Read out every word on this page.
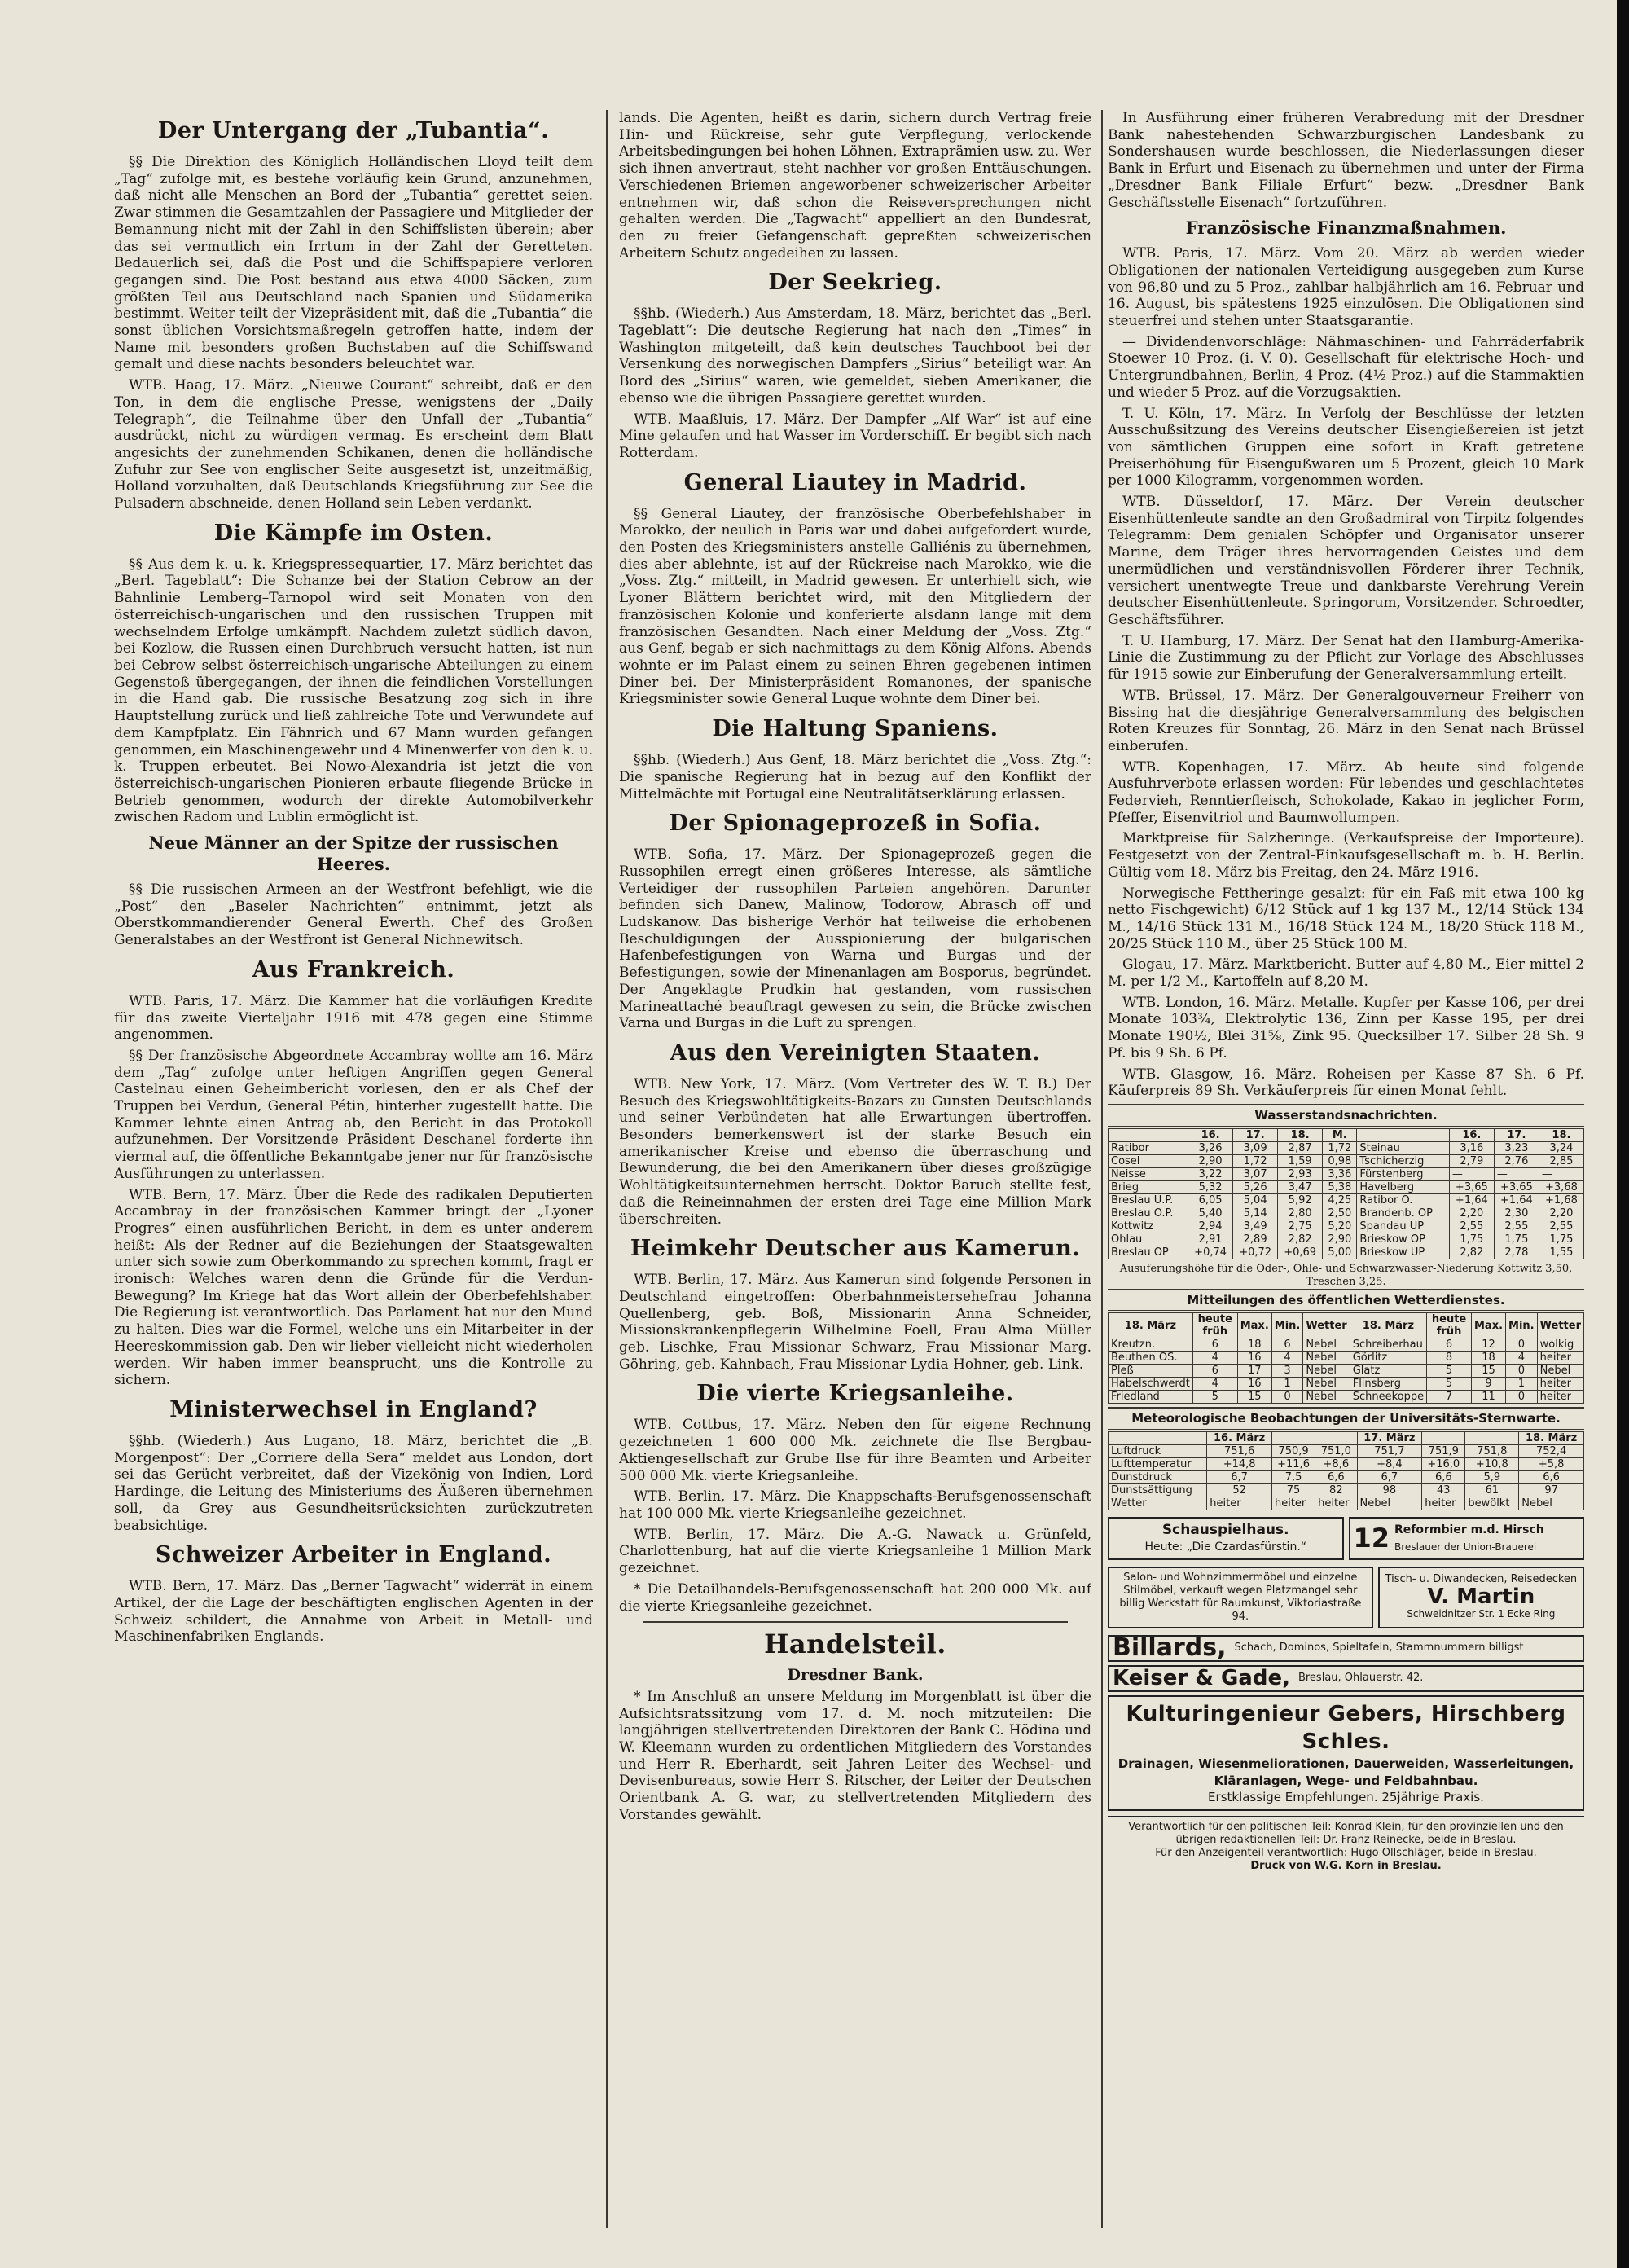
Der Untergang der „Tubantia“.

§§ Die Direktion des Königlich Holländischen Lloyd teilt dem „Tag“ zufolge mit, es bestehe vorläufig kein Grund, anzunehmen, daß nicht alle Menschen an Bord der „Tubantia“ gerettet seien. Zwar stimmen die Gesamtzahlen der Passagiere und Mitglieder der Bemannung nicht mit der Zahl in den Schiffslisten überein; aber das sei vermutlich ein Irrtum in der Zahl der Geretteten. Bedauerlich sei, daß die Post und die Schiffspapiere verloren gegangen sind. Die Post bestand aus etwa 4000 Säcken, zum größten Teil aus Deutschland nach Spanien und Südamerika bestimmt. Weiter teilt der Vizepräsident mit, daß die „Tubantia“ die sonst üblichen Vorsichtsmaßregeln getroffen hatte, indem der Name mit besonders großen Buchstaben auf die Schiffswand gemalt und diese nachts besonders beleuchtet war.

WTB. Haag, 17. März. „Nieuwe Courant“ schreibt, daß er den Ton, in dem die englische Presse, wenigstens der „Daily Telegraph“, die Teilnahme über den Unfall der „Tubantia“ ausdrückt, nicht zu würdigen vermag. Es erscheint dem Blatt angesichts der zunehmenden Schikanen, denen die holländische Zufuhr zur See von englischer Seite ausgesetzt ist, unzeitmäßig, Holland vorzuhalten, daß Deutschlands Kriegsführung zur See die Pulsadern abschneide, denen Holland sein Leben verdankt.

Die Kämpfe im Osten.

§§ Aus dem k. u. k. Kriegspressequartier, 17. März berichtet das „Berl. Tageblatt“: Die Schanze bei der Station Cebrow an der Bahnlinie Lemberg–Tarnopol wird seit Monaten von den österreichisch-ungarischen und den russischen Truppen mit wechselndem Erfolge umkämpft. Nachdem zuletzt südlich davon, bei Kozlow, die Russen einen Durchbruch versucht hatten, ist nun bei Cebrow selbst österreichisch-ungarische Abteilungen zu einem Gegenstoß übergegangen, der ihnen die feindlichen Vorstellungen in die Hand gab. Die russische Besatzung zog sich in ihre Hauptstellung zurück und ließ zahlreiche Tote und Verwundete auf dem Kampfplatz. Ein Fähnrich und 67 Mann wurden gefangen genommen, ein Maschinengewehr und 4 Minenwerfer von den k. u. k. Truppen erbeutet. Bei Nowo-Alexandria ist jetzt die von österreichisch-ungarischen Pionieren erbaute fliegende Brücke in Betrieb genommen, wodurch der direkte Automobilverkehr zwischen Radom und Lublin ermöglicht ist.

Neue Männer an der Spitze der russischen Heeres.

§§ Die russischen Armeen an der Westfront befehligt, wie die „Post“ den „Baseler Nachrichten“ entnimmt, jetzt als Oberstkommandierender General Ewerth. Chef des Großen Generalstabes an der Westfront ist General Nichnewitsch.

Aus Frankreich.

WTB. Paris, 17. März. Die Kammer hat die vorläufigen Kredite für das zweite Vierteljahr 1916 mit 478 gegen eine Stimme angenommen.

§§ Der französische Abgeordnete Accambray wollte am 16. März dem „Tag“ zufolge unter heftigen Angriffen gegen General Castelnau einen Geheimbericht vorlesen, den er als Chef der Truppen bei Verdun, General Pétin, hinterher zugestellt hatte. Die Kammer lehnte einen Antrag ab, den Bericht in das Protokoll aufzunehmen. Der Vorsitzende Präsident Deschanel forderte ihn viermal auf, die öffentliche Bekanntgabe jener nur für französische Ausführungen zu unterlassen.

WTB. Bern, 17. März. Über die Rede des radikalen Deputierten Accambray in der französischen Kammer bringt der „Lyoner Progres“ einen ausführlichen Bericht, in dem es unter anderem heißt: Als der Redner auf die Beziehungen der Staatsgewalten unter sich sowie zum Oberkommando zu sprechen kommt, fragt er ironisch: Welches waren denn die Gründe für die Verdun-Bewegung? Im Kriege hat das Wort allein der Oberbefehlshaber. Die Regierung ist verantwortlich. Das Parlament hat nur den Mund zu halten. Dies war die Formel, welche uns ein Mitarbeiter in der Heereskommission gab. Den wir lieber vielleicht nicht wiederholen werden. Wir haben immer beansprucht, uns die Kontrolle zu sichern.

Ministerwechsel in England?

§§hb. (Wiederh.) Aus Lugano, 18. März, berichtet die „B. Morgenpost“: Der „Corriere della Sera“ meldet aus London, dort sei das Gerücht verbreitet, daß der Vizekönig von Indien, Lord Hardinge, die Leitung des Ministeriums des Äußeren übernehmen soll, da Grey aus Gesundheitsrücksichten zurückzutreten beabsichtige.

Schweizer Arbeiter in England.

WTB. Bern, 17. März. Das „Berner Tagwacht“ widerrät in einem Artikel, der die Lage der beschäftigten englischen Agenten in der Schweiz schildert, die Annahme von Arbeit in Metall- und Maschinenfabriken Englands.

lands. Die Agenten, heißt es darin, sichern durch Vertrag freie Hin- und Rückreise, sehr gute Verpflegung, verlockende Arbeitsbedingungen bei hohen Löhnen, Extraprämien usw. zu. Wer sich ihnen anvertraut, steht nachher vor großen Enttäuschungen. Verschiedenen Briemen angeworbener schweizerischer Arbeiter entnehmen wir, daß schon die Reiseversprechungen nicht gehalten werden. Die „Tagwacht“ appelliert an den Bundesrat, den zu freier Gefangenschaft gepreßten schweizerischen Arbeitern Schutz angedeihen zu lassen.

Der Seekrieg.

§§hb. (Wiederh.) Aus Amsterdam, 18. März, berichtet das „Berl. Tageblatt“: Die deutsche Regierung hat nach den „Times“ in Washington mitgeteilt, daß kein deutsches Tauchboot bei der Versenkung des norwegischen Dampfers „Sirius“ beteiligt war. An Bord des „Sirius“ waren, wie gemeldet, sieben Amerikaner, die ebenso wie die übrigen Passagiere gerettet wurden.

WTB. Maaßluis, 17. März. Der Dampfer „Alf War“ ist auf eine Mine gelaufen und hat Wasser im Vorderschiff. Er begibt sich nach Rotterdam.

General Liautey in Madrid.

§§ General Liautey, der französische Oberbefehlshaber in Marokko, der neulich in Paris war und dabei aufgefordert wurde, den Posten des Kriegsministers anstelle Galliénis zu übernehmen, dies aber ablehnte, ist auf der Rückreise nach Marokko, wie die „Voss. Ztg.“ mitteilt, in Madrid gewesen. Er unterhielt sich, wie Lyoner Blättern berichtet wird, mit den Mitgliedern der französischen Kolonie und konferierte alsdann lange mit dem französischen Gesandten. Nach einer Meldung der „Voss. Ztg.“ aus Genf, begab er sich nachmittags zu dem König Alfons. Abends wohnte er im Palast einem zu seinen Ehren gegebenen intimen Diner bei. Der Ministerpräsident Romanones, der spanische Kriegsminister sowie General Luque wohnte dem Diner bei.

Die Haltung Spaniens.

§§hb. (Wiederh.) Aus Genf, 18. März berichtet die „Voss. Ztg.“: Die spanische Regierung hat in bezug auf den Konflikt der Mittelmächte mit Portugal eine Neutralitätserklärung erlassen.

Der Spionageprozeß in Sofia.

WTB. Sofia, 17. März. Der Spionageprozeß gegen die Russophilen erregt einen größeres Interesse, als sämtliche Verteidiger der russophilen Parteien angehören. Darunter befinden sich Danew, Malinow, Todorow, Abrasch off und Ludskanow. Das bisherige Verhör hat teilweise die erhobenen Beschuldigungen der Ausspionierung der bulgarischen Hafenbefestigungen von Warna und Burgas und der Befestigungen, sowie der Minenanlagen am Bosporus, begründet. Der Angeklagte Prudkin hat gestanden, vom russischen Marineattaché beauftragt gewesen zu sein, die Brücke zwischen Varna und Burgas in die Luft zu sprengen.

Aus den Vereinigten Staaten.

WTB. New York, 17. März. (Vom Vertreter des W. T. B.) Der Besuch des Kriegswohltätigkeits-Bazars zu Gunsten Deutschlands und seiner Verbündeten hat alle Erwartungen übertroffen. Besonders bemerkenswert ist der starke Besuch ein amerikanischer Kreise und ebenso die überraschung und Bewunderung, die bei den Amerikanern über dieses großzügige Wohltätigkeitsunternehmen herrscht. Doktor Baruch stellte fest, daß die Reineinnahmen der ersten drei Tage eine Million Mark überschreiten.

Heimkehr Deutscher aus Kamerun.

WTB. Berlin, 17. März. Aus Kamerun sind folgende Personen in Deutschland eingetroffen: Oberbahnmeistersehefrau Johanna Quellenberg, geb. Boß, Missionarin Anna Schneider, Missionskrankenpflegerin Wilhelmine Foell, Frau Alma Müller geb. Lischke, Frau Missionar Schwarz, Frau Missionar Marg. Göhring, geb. Kahnbach, Frau Missionar Lydia Hohner, geb. Link.

Die vierte Kriegsanleihe.

WTB. Cottbus, 17. März. Neben den für eigene Rechnung gezeichneten 1 600 000 Mk. zeichnete die Ilse Bergbau-Aktiengesellschaft zur Grube Ilse für ihre Beamten und Arbeiter 500 000 Mk. vierte Kriegsanleihe.

WTB. Berlin, 17. März. Die Knappschafts-Berufsgenossenschaft hat 100 000 Mk. vierte Kriegsanleihe gezeichnet.

WTB. Berlin, 17. März. Die A.-G. Nawack u. Grünfeld, Charlottenburg, hat auf die vierte Kriegsanleihe 1 Million Mark gezeichnet.

* Die Detailhandels-Berufsgenossenschaft hat 200 000 Mk. auf die vierte Kriegsanleihe gezeichnet.

Handelsteil.
Dresdner Bank.

* Im Anschluß an unsere Meldung im Morgenblatt ist über die Aufsichtsratssitzung vom 17. d. M. noch mitzuteilen: Die langjährigen stellvertretenden Direktoren der Bank C. Hödina und W. Kleemann wurden zu ordentlichen Mitgliedern des Vorstandes und Herr R. Eberhardt, seit Jahren Leiter des Wechsel- und Devisenbureaus, sowie Herr S. Ritscher, der Leiter der Deutschen Orientbank A. G. war, zu stellvertretenden Mitgliedern des Vorstandes gewählt.

In Ausführung einer früheren Verabredung mit der Dresdner Bank nahestehenden Schwarzburgischen Landesbank zu Sondershausen wurde beschlossen, die Niederlassungen dieser Bank in Erfurt und Eisenach zu übernehmen und unter der Firma „Dresdner Bank Filiale Erfurt“ bezw. „Dresdner Bank Geschäftsstelle Eisenach“ fortzuführen.

Französische Finanzmaßnahmen.

WTB. Paris, 17. März. Vom 20. März ab werden wieder Obligationen der nationalen Verteidigung ausgegeben zum Kurse von 96,80 und zu 5 Proz., zahlbar halbjährlich am 16. Februar und 16. August, bis spätestens 1925 einzulösen. Die Obligationen sind steuerfrei und stehen unter Staatsgarantie.

— Dividendenvorschläge: Nähmaschinen- und Fahrräderfabrik Stoewer 10 Proz. (i. V. 0). Gesellschaft für elektrische Hoch- und Untergrundbahnen, Berlin, 4 Proz. (4½ Proz.) auf die Stammaktien und wieder 5 Proz. auf die Vorzugsaktien.

T. U. Köln, 17. März. In Verfolg der Beschlüsse der letzten Ausschußsitzung des Vereins deutscher Eisengießereien ist jetzt von sämtlichen Gruppen eine sofort in Kraft getretene Preiserhöhung für Eisengußwaren um 5 Prozent, gleich 10 Mark per 1000 Kilogramm, vorgenommen worden.

WTB. Düsseldorf, 17. März. Der Verein deutscher Eisenhüttenleute sandte an den Großadmiral von Tirpitz folgendes Telegramm: Dem genialen Schöpfer und Organisator unserer Marine, dem Träger ihres hervorragenden Geistes und dem unermüdlichen und verständnisvollen Förderer ihrer Technik, versichert unentwegte Treue und dankbarste Verehrung Verein deutscher Eisenhüttenleute. Springorum, Vorsitzender. Schroedter, Geschäftsführer.

T. U. Hamburg, 17. März. Der Senat hat den Hamburg-Amerika-Linie die Zustimmung zu der Pflicht zur Vorlage des Abschlusses für 1915 sowie zur Einberufung der Generalversammlung erteilt.

WTB. Brüssel, 17. März. Der Generalgouverneur Freiherr von Bissing hat die diesjährige Generalversammlung des belgischen Roten Kreuzes für Sonntag, 26. März in den Senat nach Brüssel einberufen.

WTB. Kopenhagen, 17. März. Ab heute sind folgende Ausfuhrverbote erlassen worden: Für lebendes und geschlachtetes Federvieh, Renntierfleisch, Schokolade, Kakao in jeglicher Form, Pfeffer, Eisenvitriol und Baumwollumpen.

Marktpreise für Salzheringe. (Verkaufspreise der Importeure). Festgesetzt von der Zentral-Einkaufsgesellschaft m. b. H. Berlin. Gültig vom 18. März bis Freitag, den 24. März 1916.

Norwegische Fettheringe gesalzt: für ein Faß mit etwa 100 kg netto Fischgewicht) 6/12 Stück auf 1 kg 137 M., 12/14 Stück 134 M., 14/16 Stück 131 M., 16/18 Stück 124 M., 18/20 Stück 118 M., 20/25 Stück 110 M., über 25 Stück 100 M.

Glogau, 17. März. Marktbericht. Butter auf 4,80 M., Eier mittel 2 M. per 1/2 M., Kartoffeln auf 8,20 M.

WTB. London, 16. März. Metalle. Kupfer per Kasse 106, per drei Monate 103¾, Elektrolytic 136, Zinn per Kasse 195, per drei Monate 190½, Blei 31⅝, Zink 95. Quecksilber 17. Silber 28 Sh. 9 Pf. bis 9 Sh. 6 Pf.

WTB. Glasgow, 16. März. Roheisen per Kasse 87 Sh. 6 Pf. Käuferpreis 89 Sh. Verkäuferpreis für einen Monat fehlt.

Wasserstandsnachrichten.
	16.	17.	18.	M.		16.	17.	18.
Ratibor	3,26	3,09	2,87	1,72	Steinau	3,16	3,23	3,24
Cosel	2,90	1,72	1,59	0,98	Tschicherzig	2,79	2,76	2,85
Neisse	3,22	3,07	2,93	3,36	Fürstenberg	—	—	—
Brieg	5,32	5,26	3,47	5,38	Havelberg	+3,65	+3,65	+3,68
Breslau U.P.	6,05	5,04	5,92	4,25	Ratibor O.	+1,64	+1,64	+1,68
Breslau O.P.	5,40	5,14	2,80	2,50	Brandenb. OP	2,20	2,30	2,20
Kottwitz	2,94	3,49	2,75	5,20	Spandau UP	2,55	2,55	2,55
Ohlau	2,91	2,89	2,82	2,90	Brieskow OP	1,75	1,75	1,75
Breslau OP	+0,74	+0,72	+0,69	5,00	Brieskow UP	2,82	2,78	1,55
Ausuferungshöhe für die Oder-, Ohle- und Schwarzwasser-Niederung Kottwitz 3,50, Treschen 3,25.
Mitteilungen des öffentlichen Wetterdienstes.
18. März	heute früh	Max.	Min.	Wetter	18. März	heute früh	Max.	Min.	Wetter
Kreutzn.	6	18	6	Nebel	Schreiberhau	6	12	0	wolkig
Beuthen OS.	4	16	4	Nebel	Görlitz	8	18	4	heiter
Pleß	6	17	3	Nebel	Glatz	5	15	0	Nebel
Habelschwerdt	4	16	1	Nebel	Flinsberg	5	9	1	heiter
Friedland	5	15	0	Nebel	Schneekoppe	7	11	0	heiter
Meteorologische Beobachtungen der Universitäts-Sternwarte.
	16. März			17. März			18. März
Luftdruck	751,6	750,9	751,0	751,7	751,9	751,8	752,4
Lufttemperatur	+14,8	+11,6	+8,6	+8,4	+16,0	+10,8	+5,8
Dunstdruck	6,7	7,5	6,6	6,7	6,6	5,9	6,6
Dunstsättigung	52	75	82	98	43	61	97
Wetter	heiter	heiter	heiter	Nebel	heiter	bewölkt	Nebel
Schauspielhaus.
Heute: „Die Czardasfürstin.“	12 Reformbier m.d. Hirsch
Breslauer der Union-Brauerei
Salon- und Wohnzimmermöbel und einzelne Stilmöbel, verkauft wegen Platzmangel sehr billig Werkstatt für Raumkunst, Viktoriastraße 94.
Tisch- u. Diwandecken, Reisedecken
V. Martin
Schweidnitzer Str. 1 Ecke Ring
Billards, Schach, Dominos, Spieltafeln, Stammnummern billigst
Keiser & Gade, Breslau, Ohlauerstr. 42.
Kulturingenieur Gebers, Hirschberg Schles.
Drainagen, Wiesenmeliorationen, Dauerweiden, Wasserleitungen, Kläranlagen, Wege- und Feldbahnbau.
Erstklassige Empfehlungen. 25jährige Praxis.
Verantwortlich für den politischen Teil: Konrad Klein, für den provinziellen und den übrigen redaktionellen Teil: Dr. Franz Reinecke, beide in Breslau.
Für den Anzeigenteil verantwortlich: Hugo Ollschläger, beide in Breslau.
Druck von W.G. Korn in Breslau.
